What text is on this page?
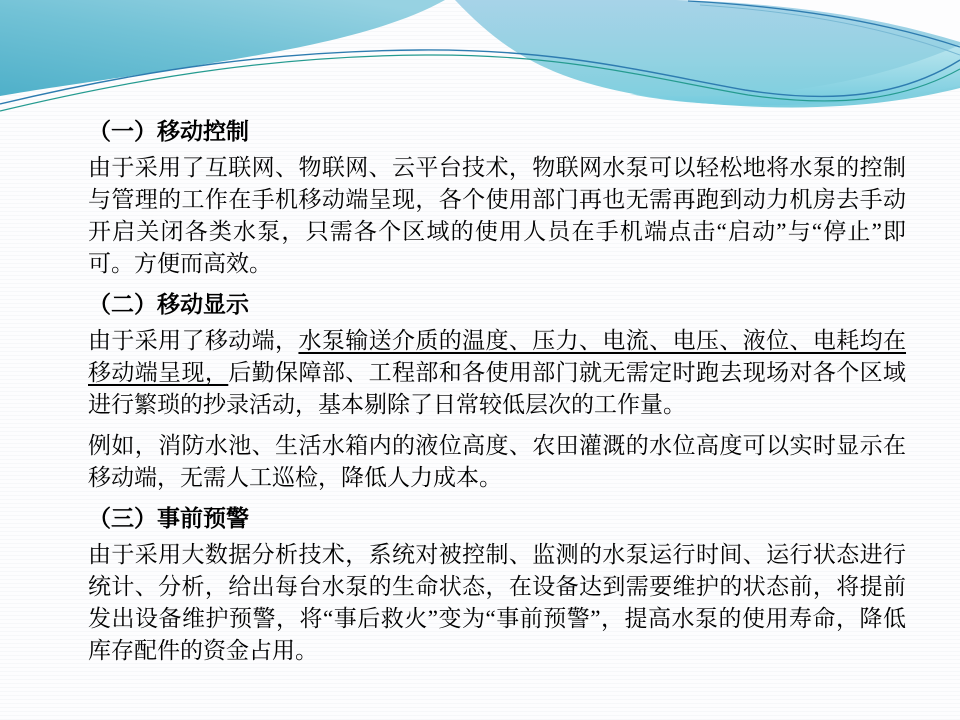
（一）移动控制

由于采用了互联网、物联网、云平台技术，物联网水泵可以轻松地将水泵的控制与管理的工作在手机移动端呈现，各个使用部门再也无需再跑到动力机房去手动开启关闭各类水泵，只需各个区域的使用人员在手机端点击“启动”与“停止”即可。方便而高效。

（二）移动显示

由于采用了移动端，水泵输送介质的温度、压力、电流、电压、液位、电耗均在移动端呈现，后勤保障部、工程部和各使用部门就无需定时跑去现场对各个区域进行繁琐的抄录活动，基本剔除了日常较低层次的工作量。

例如，消防水池、生活水箱内的液位高度、农田灌溉的水位高度可以实时显示在移动端，无需人工巡检，降低人力成本。

（三）事前预警

由于采用大数据分析技术，系统对被控制、监测的水泵运行时间、运行状态进行统计、分析，给出每台水泵的生命状态，在设备达到需要维护的状态前，将提前发出设备维护预警，将“事后救火”变为“事前预警”，提高水泵的使用寿命，降低库存配件的资金占用。
